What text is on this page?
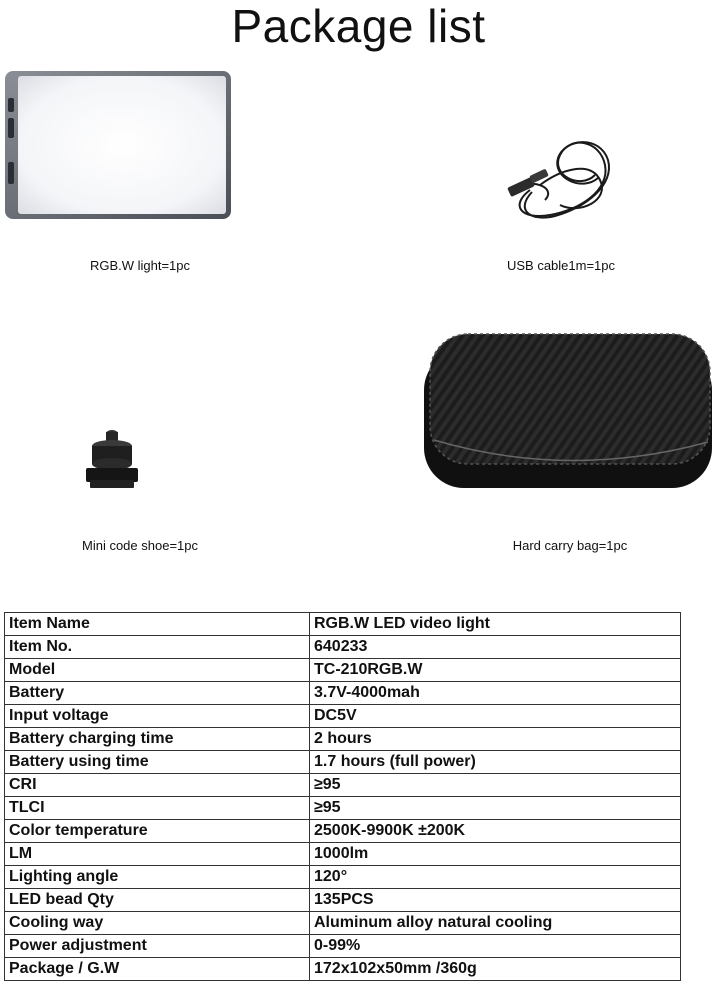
Package list
RGB.W light=1pc	USB cable1m=1pc
Mini code shoe=1pc	Hard carry bag=1pc
Item Name	RGB.W LED video light
Item No.	640233
Model	TC-210RGB.W
Battery	3.7V-4000mah
Input voltage	DC5V
Battery charging time	2 hours
Battery using time	1.7 hours (full power)
CRI	≥95
TLCI	≥95
Color temperature	2500K-9900K ±200K
LM	1000lm
Lighting angle	120°
LED bead Qty	135PCS
Cooling way	Aluminum alloy natural cooling
Power adjustment	0-99%
Package / G.W	172x102x50mm /360g
